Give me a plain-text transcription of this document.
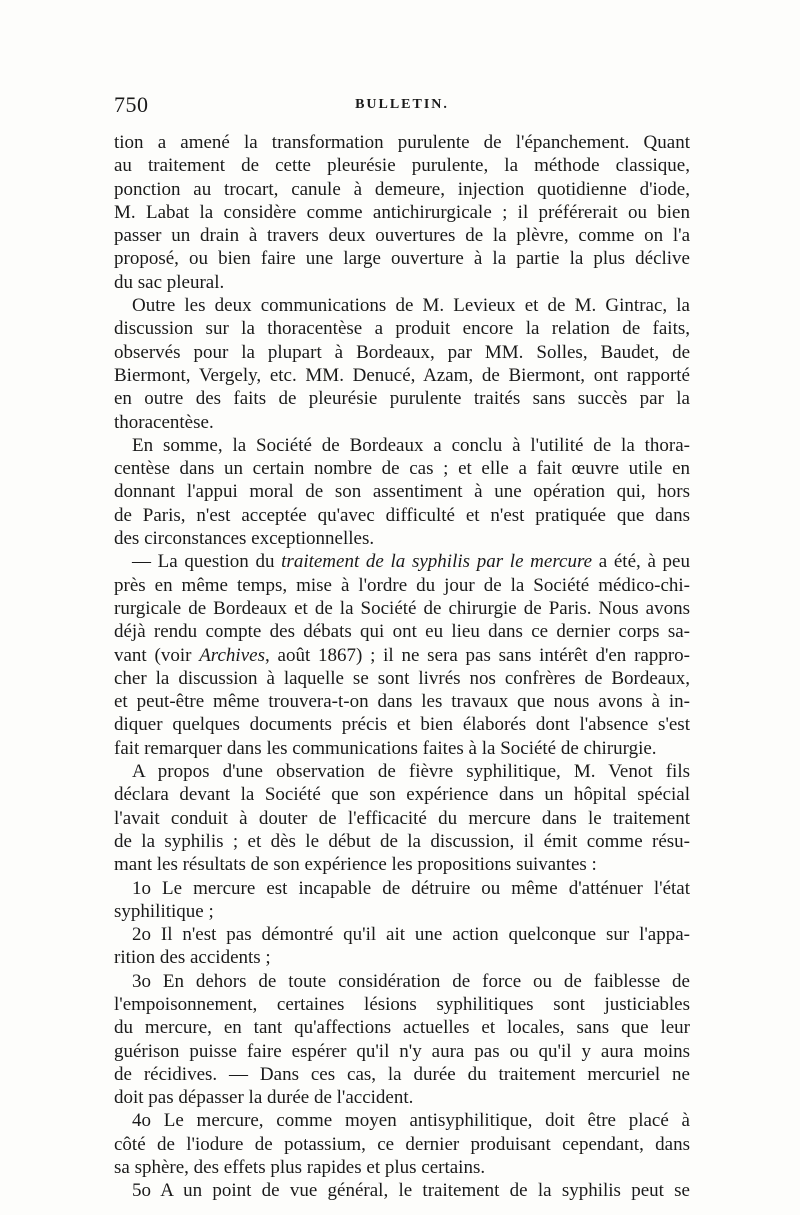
750	BULLETIN.
tion a amené la transformation purulente de l'épanchement. Quant
au traitement de cette pleurésie purulente, la méthode classique,
ponction au trocart, canule à demeure, injection quotidienne d'iode,
M. Labat la considère comme antichirurgicale ; il préférerait ou bien
passer un drain à travers deux ouvertures de la plèvre, comme on l'a
proposé, ou bien faire une large ouverture à la partie la plus déclive
du sac pleural.
Outre les deux communications de M. Levieux et de M. Gintrac, la
discussion sur la thoracentèse a produit encore la relation de faits,
observés pour la plupart à Bordeaux, par MM. Solles, Baudet, de
Biermont, Vergely, etc. MM. Denucé, Azam, de Biermont, ont rapporté
en outre des faits de pleurésie purulente traités sans succès par la
thoracentèse.
En somme, la Société de Bordeaux a conclu à l'utilité de la thora-
centèse dans un certain nombre de cas ; et elle a fait œuvre utile en
donnant l'appui moral de son assentiment à une opération qui, hors
de Paris, n'est acceptée qu'avec difficulté et n'est pratiquée que dans
des circonstances exceptionnelles.
— La question du traitement de la syphilis par le mercure a été, à peu
près en même temps, mise à l'ordre du jour de la Société médico-chi-
rurgicale de Bordeaux et de la Société de chirurgie de Paris. Nous avons
déjà rendu compte des débats qui ont eu lieu dans ce dernier corps sa-
vant (voir Archives, août 1867) ; il ne sera pas sans intérêt d'en rappro-
cher la discussion à laquelle se sont livrés nos confrères de Bordeaux,
et peut-être même trouvera-t-on dans les travaux que nous avons à in-
diquer quelques documents précis et bien élaborés dont l'absence s'est
fait remarquer dans les communications faites à la Société de chirurgie.
A propos d'une observation de fièvre syphilitique, M. Venot fils
déclara devant la Société que son expérience dans un hôpital spécial
l'avait conduit à douter de l'efficacité du mercure dans le traitement
de la syphilis ; et dès le début de la discussion, il émit comme résu-
mant les résultats de son expérience les propositions suivantes :
1o Le mercure est incapable de détruire ou même d'atténuer l'état
syphilitique ;
2o Il n'est pas démontré qu'il ait une action quelconque sur l'appa-
rition des accidents ;
3o En dehors de toute considération de force ou de faiblesse de
l'empoisonnement, certaines lésions syphilitiques sont justiciables
du mercure, en tant qu'affections actuelles et locales, sans que leur
guérison puisse faire espérer qu'il n'y aura pas ou qu'il y aura moins
de récidives. — Dans ces cas, la durée du traitement mercuriel ne
doit pas dépasser la durée de l'accident.
4o Le mercure, comme moyen antisyphilitique, doit être placé à
côté de l'iodure de potassium, ce dernier produisant cependant, dans
sa sphère, des effets plus rapides et plus certains.
5o A un point de vue général, le traitement de la syphilis peut se
